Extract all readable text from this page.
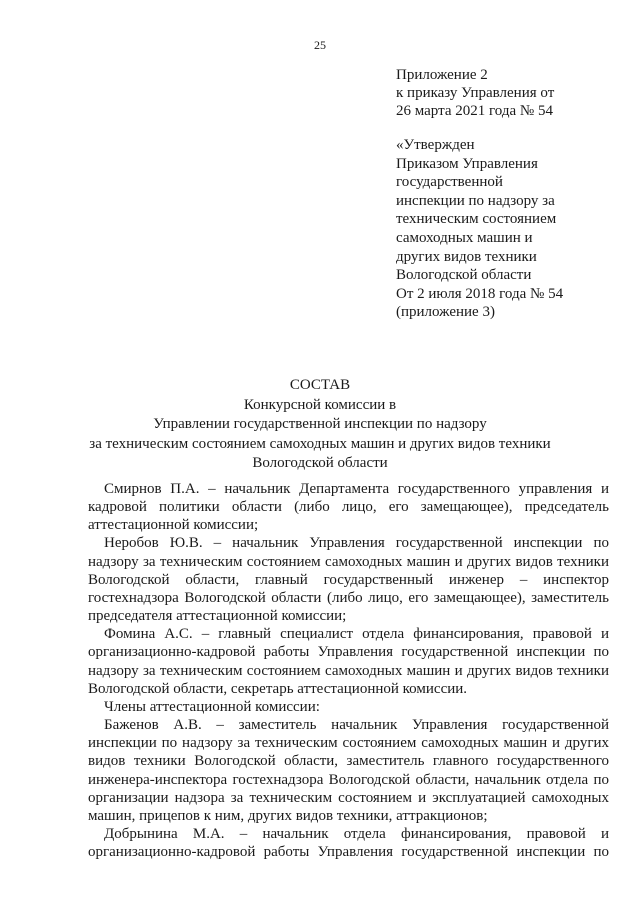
25
Приложение 2
к приказу Управления от
26 марта 2021 года № 54
«Утвержден
Приказом Управления
государственной
инспекции по надзору за
техническим состоянием
самоходных машин и
других видов техники
Вологодской области
От 2 июля 2018 года № 54
(приложение 3)
СОСТАВ
Конкурсной комиссии в
Управлении государственной инспекции по надзору
за техническим состоянием самоходных машин и других видов техники
Вологодской области

Смирнов П.А. – начальник Департамента государственного управления и кадровой политики области (либо лицо, его замещающее), председатель аттестационной комиссии;

Неробов Ю.В. – начальник Управления государственной инспекции по надзору за техническим состоянием самоходных машин и других видов техники Вологодской области, главный государственный инженер – инспектор гостехнадзора Вологодской области (либо лицо, его замещающее), заместитель председателя аттестационной комиссии;

Фомина А.С. – главный специалист отдела финансирования, правовой и организационно-кадровой работы Управления государственной инспекции по надзору за техническим состоянием самоходных машин и других видов техники Вологодской области, секретарь аттестационной комиссии.

Члены аттестационной комиссии:

Баженов А.В. – заместитель начальник Управления государственной инспекции по надзору за техническим состоянием самоходных машин и других видов техники Вологодской области, заместитель главного государственного инженера-инспектора гостехнадзора Вологодской области, начальник отдела по организации надзора за техническим состоянием и эксплуатацией самоходных машин, прицепов к ним, других видов техники, аттракционов;

Добрынина М.А. – начальник отдела финансирования, правовой и организационно-кадровой работы Управления государственной инспекции по
